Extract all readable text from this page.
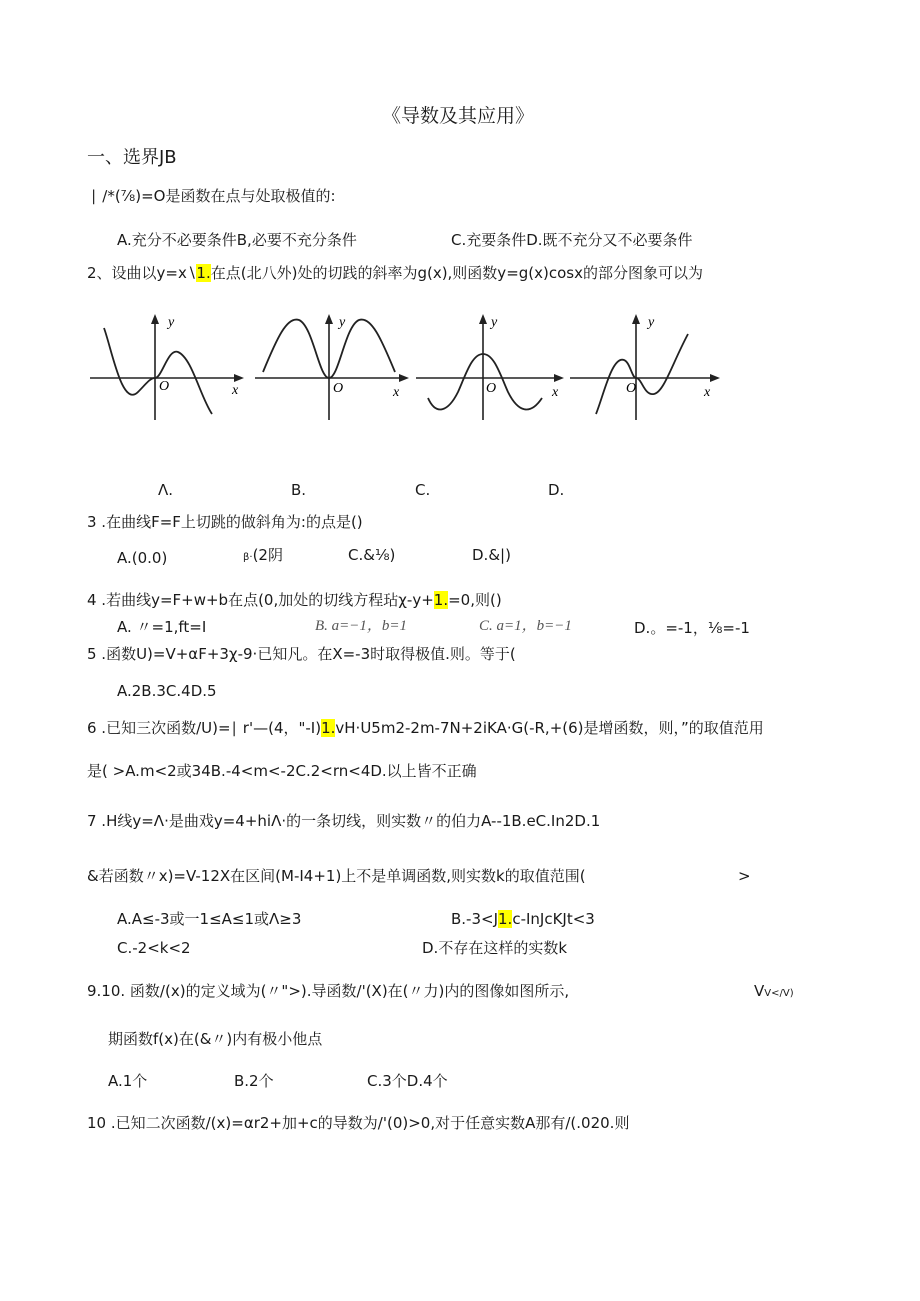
《导数及其应用》
一、选界JB
∣ ∕*(⅞)=O是函数在点与处取极值的:
A.充分不必要条件B,必要不充分条件	C.充要条件D.既不充分又不必要条件
2、设曲以y=x∖1.在点(北八外)处的切践的斜率为g(x),则函数y=g(x)cosx的部分图象可以为
y
x
O
y
x
O
y
x
O
y
x
O
Λ.	B.	C.	D.
3 .在曲线F=F上切跳的做斜角为:的点是()
A.(0.0)	β·(2阴	C.&⅛)	D.&|)
4 .若曲线y=F+w+b在点(0,加处的切线方程玷χ-y+1.=0,则()
A. 〃=1,ft=I	B. a=−1，b=1	C. a=1，b=−1	D.。=-1，⅛=-1
5 .函数U)=V+αF+3χ-9·已知凡。在X=-3时取得极值.则。等于(
A.2B.3C.4D.5
6 .已知三次函数/U)=∣ r'—(4，"-I)1.vH·U5m2-2m-7N+2iKA·G(-R,+(6)是增函数，则，”的取值范用
是( >A.m<2或34B.-4<m<-2C.2<rn<4D.以上皆不正确
7 .H线y=Λ·是曲戏y=4+hiΛ·的一条切线，则实数〃的伯力A--1B.eC.In2D.1
&若函数〃x)=V-12X在区间(M-I4+1)上不是单调函数,则实数k的取值范围(	>
A.A≤-3或一1≤A≤1或Λ≥3	B.-3<J1.c-InJcKJt<3
C.-2<k<2	D.不存在这样的实数k
9.10. 函数/(x)的定义域为(〃">).导函数/'(X)在(〃力)内的图像如图所示,	VV</V)
期函数f(x)在(&〃)内有极小他点
A.1个	B.2个	C.3个D.4个
10 .已知二次函数/(x)=αr2+加+c的导数为/'(0)>0,对于任意实数A那有/(.020.则
